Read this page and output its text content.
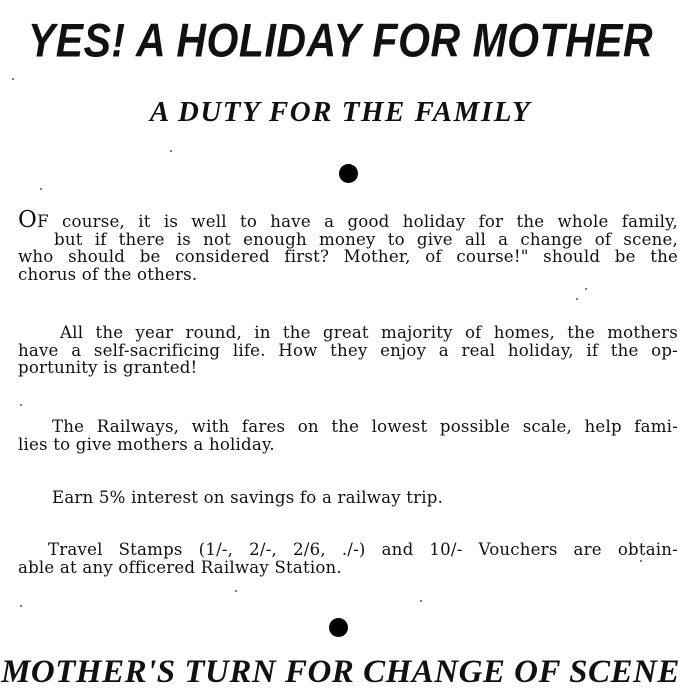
YES! A HOLIDAY FOR MOTHER
A DUTY FOR THE FAMILY
OF course, it is well to have a good holiday for the whole family,
but if there is not enough money to give all a change of scene,
who should be considered first? Mother, of course!" should be the
chorus of the others.
All the year round, in the great majority of homes, the mothers
have a self-sacrificing life. How they enjoy a real holiday, if the op-
portunity is granted!
The Railways, with fares on the lowest possible scale, help fami-
lies to give mothers a holiday.
Earn 5% interest on savings fo a railway trip.
Travel Stamps (1/-, 2/-, 2/6, ./-) and 10/- Vouchers are obtain-
able at any officered Railway Station.
MOTHER'S TURN FOR CHANGE OF SCENE
